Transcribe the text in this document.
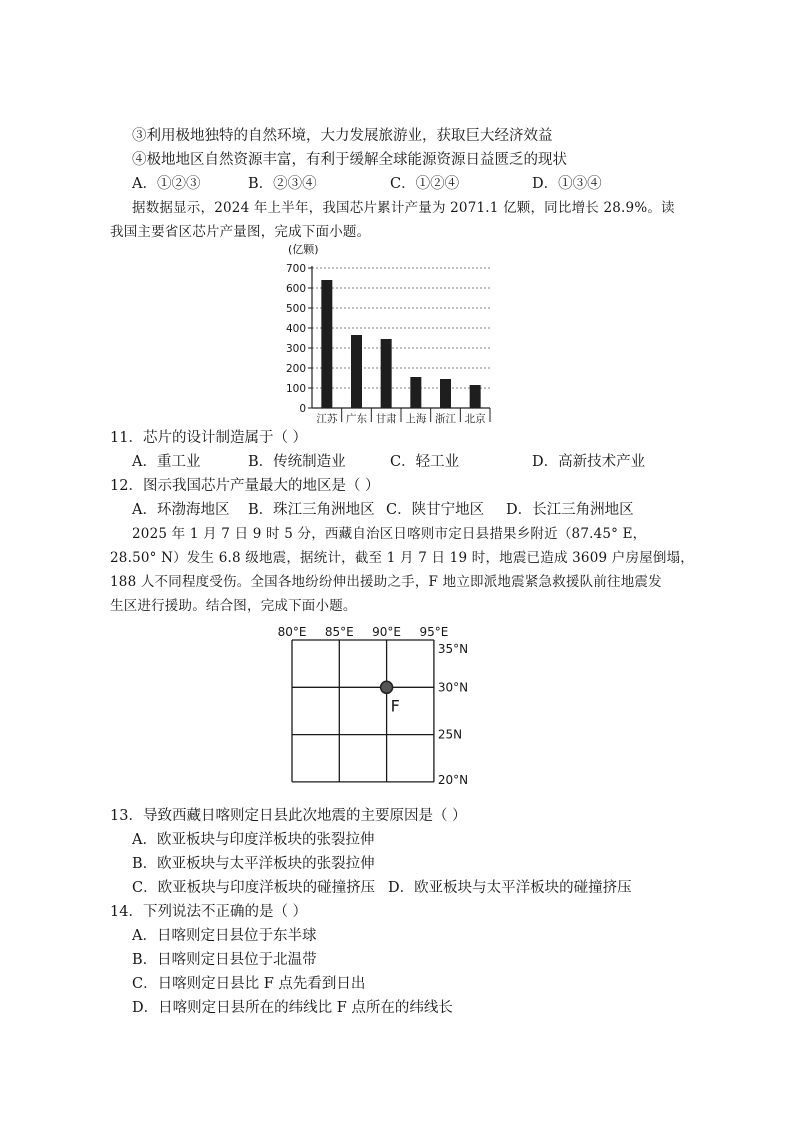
③利用极地独特的自然环境，大力发展旅游业，获取巨大经济效益
④极地地区自然资源丰富，有利于缓解全球能源资源日益匮乏的现状
A．①②③	B．②③④	C．①②④	D．①③④
据数据显示，2024 年上半年，我国芯片累计产量为 2071.1 亿颗，同比增长 28.9%。读
我国主要省区芯片产量图，完成下面小题。
(亿颗)
0
100
200
300
400
500
600
700
江苏 广东 甘肃 上海 浙江 北京
11．芯片的设计制造属于（ ）
A．重工业	B．传统制造业	C．轻工业	D．高新技术产业
12．图示我国芯片产量最大的地区是（ ）
A．环渤海地区 B．珠江三角洲地区 C．陕甘宁地区 D．长江三角洲地区
2025 年 1 月 7 日 9 时 5 分，西藏自治区日喀则市定日县措果乡附近（87.45° E，
28.50° N）发生 6.8 级地震，据统计，截至 1 月 7 日 19 时，地震已造成 3609 户房屋倒塌，
188 人不同程度受伤。全国各地纷纷伸出援助之手，F 地立即派地震紧急救援队前往地震发
生区进行援助。结合图，完成下面小题。
80°E 85°E 90°E 95°E
35°N
30°N
25N
20°N
F
13．导致西藏日喀则定日县此次地震的主要原因是（ ）
A．欧亚板块与印度洋板块的张裂拉伸
B．欧亚板块与太平洋板块的张裂拉伸
C．欧亚板块与印度洋板块的碰撞挤压 D．欧亚板块与太平洋板块的碰撞挤压
14．下列说法不正确的是（ ）
A．日喀则定日县位于东半球
B．日喀则定日县位于北温带
C．日喀则定日县比 F 点先看到日出
D．日喀则定日县所在的纬线比 F 点所在的纬线长
